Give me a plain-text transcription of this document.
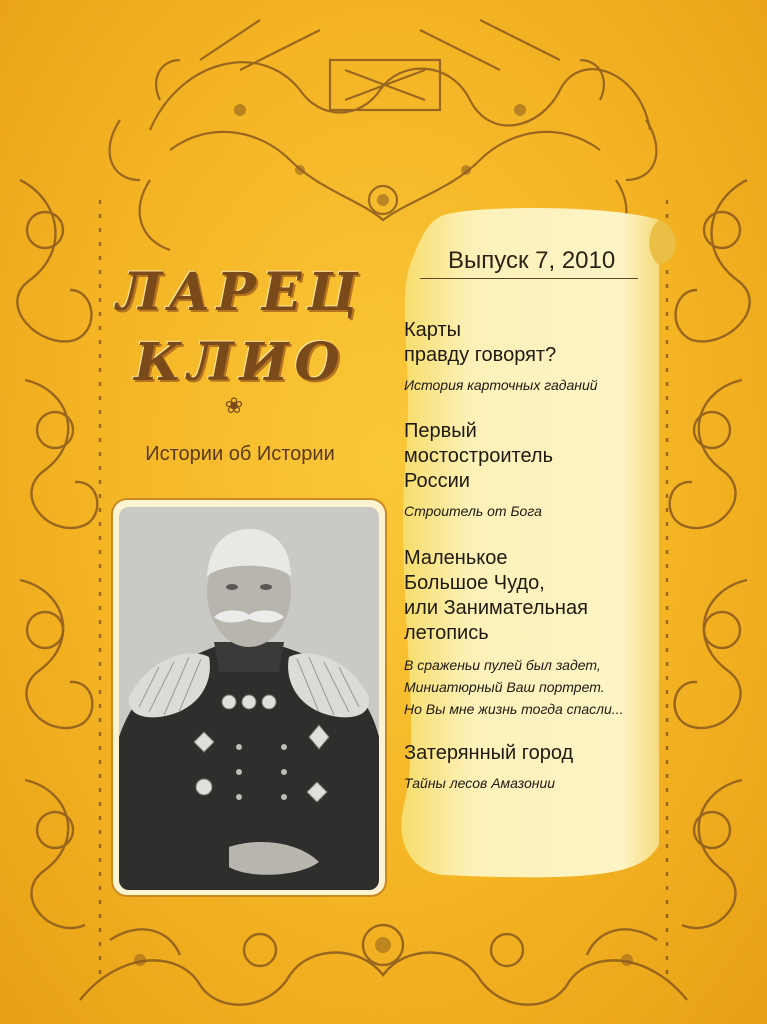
ЛАРЕЦ
КЛИО
❀
Истории об Истории
Выпуск 7, 2010
Карты
правду говорят?
История карточных гаданий
Первый
мостостроитель
России
Строитель от Бога
Маленькое
Большое Чудо,
или Занимательная
летопись
В сраженьи пулей был задет,
Миниатюрный Ваш портрет.
Но Вы мне жизнь тогда спасли...
Затерянный город
Тайны лесов Амазонии
